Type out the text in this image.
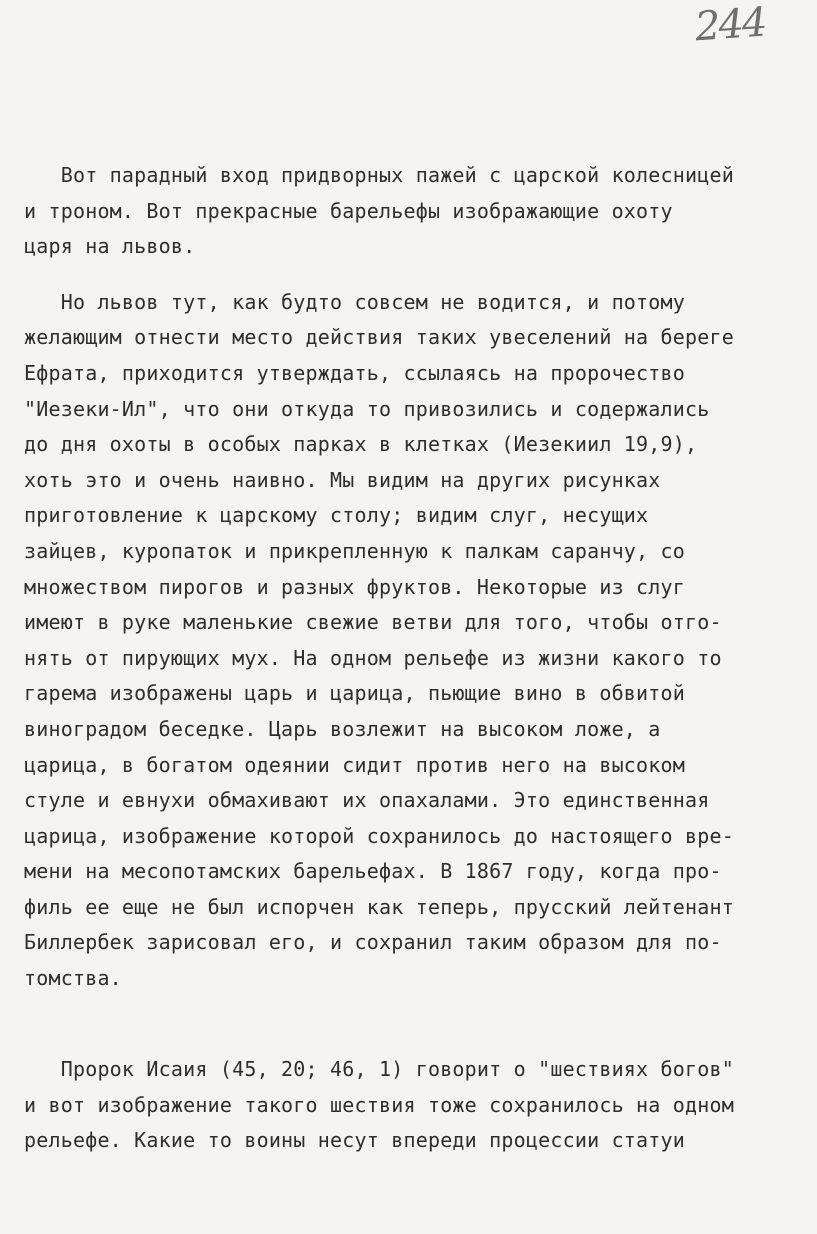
244
Вот парадный вход придворных пажей с царской колесницей
и троном. Вот прекрасные барельефы изображающие охоту
царя на львов.
Но львов тут, как будто совсем не водится, и потому
желающим отнести место действия таких увеселений на береге
Ефрата, приходится утверждать, ссылаясь на пророчество
"Иезеки-Ил", что они откуда то привозились и содержались
до дня охоты в особых парках в клетках (Иезекиил 19,9),
хоть это и очень наивно. Мы видим на других рисунках
приготовление к царскому столу; видим слуг, несущих
зайцев, куропаток и прикрепленную к палкам саранчу, со
множеством пирогов и разных фруктов. Некоторые из слуг
имеют в руке маленькие свежие ветви для того, чтобы отго-
нять от пирующих мух. На одном рельефе из жизни какого то
гарема изображены царь и царица, пьющие вино в обвитой
виноградом беседке. Царь возлежит на высоком ложе, а
царица, в богатом одеянии сидит против него на высоком
стуле и евнухи обмахивают их опахалами. Это единственная
царица, изображение которой сохранилось до настоящего вре-
мени на месопотамских барельефах. В 1867 году, когда про-
филь ее еще не был испорчен как теперь, прусский лейтенант
Биллербек зарисовал его, и сохранил таким образом для по-
томства.
Пророк Исаия (45, 20; 46, 1) говорит о "шествиях богов"
и вот изображение такого шествия тоже сохранилось на одном
рельефе. Какие то воины несут впереди процессии статуи
